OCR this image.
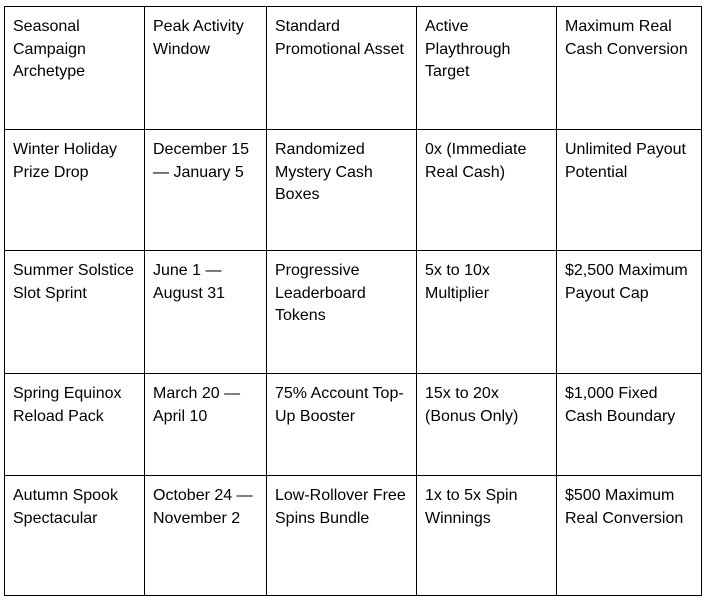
Seasonal Campaign Archetype	Peak Activity Window	Standard Promotional Asset	Active Playthrough Target	Maximum Real Cash Conversion
Winter Holiday Prize Drop	December 15 — January 5	Randomized Mystery Cash Boxes	0x (Immediate Real Cash)	Unlimited Payout Potential
Summer Solstice Slot Sprint	June 1 — August 31	Progressive Leaderboard Tokens	5x to 10x Multiplier	$2,500 Maximum Payout Cap
Spring Equinox Reload Pack	March 20 — April 10	75% Account Top-Up Booster	15x to 20x (Bonus Only)	$1,000 Fixed Cash Boundary
Autumn Spook Spectacular	October 24 — November 2	Low-Rollover Free Spins Bundle	1x to 5x Spin Winnings	$500 Maximum Real Conversion
